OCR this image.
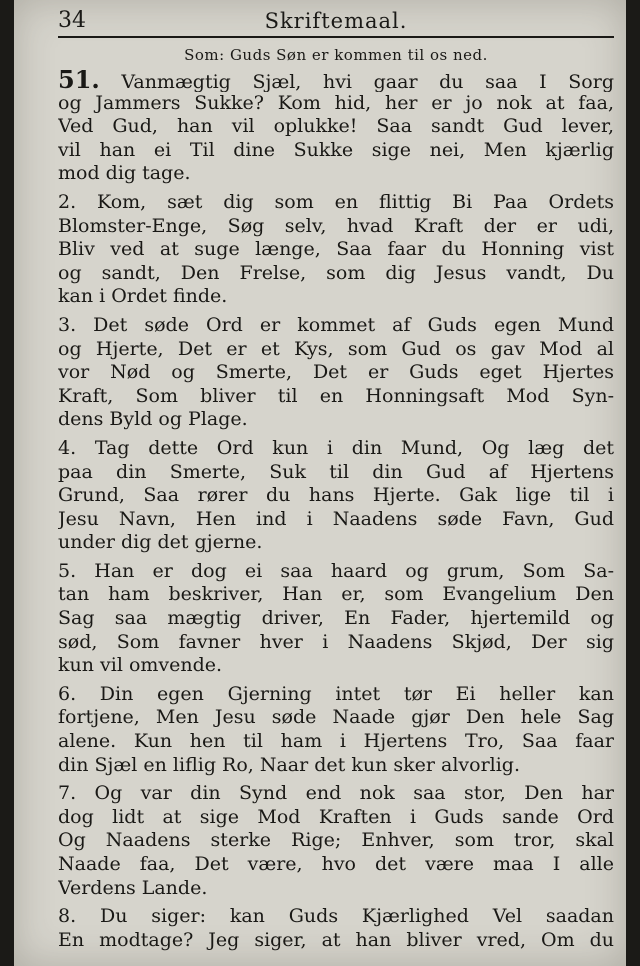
34	Skriftemaal.
Som: Guds Søn er kommen til os ned.
51. Vanmægtig Sjæl, hvi gaar du saa I Sorg
og Jammers Sukke? Kom hid, her er jo nok at faa,
Ved Gud, han vil oplukke! Saa sandt Gud lever,
vil han ei Til dine Sukke sige nei, Men kjærlig
mod dig tage.
2. Kom, sæt dig som en flittig Bi Paa Ordets
Blomster-Enge, Søg selv, hvad Kraft der er udi,
Bliv ved at suge længe, Saa faar du Honning vist
og sandt, Den Frelse, som dig Jesus vandt, Du
kan i Ordet finde.
3. Det søde Ord er kommet af Guds egen Mund
og Hjerte, Det er et Kys, som Gud os gav Mod al
vor Nød og Smerte, Det er Guds eget Hjertes
Kraft, Som bliver til en Honningsaft Mod Syn-
dens Byld og Plage.
4. Tag dette Ord kun i din Mund, Og læg det
paa din Smerte, Suk til din Gud af Hjertens
Grund, Saa rører du hans Hjerte. Gak lige til i
Jesu Navn, Hen ind i Naadens søde Favn, Gud
under dig det gjerne.
5. Han er dog ei saa haard og grum, Som Sa-
tan ham beskriver, Han er, som Evangelium Den
Sag saa mægtig driver, En Fader, hjertemild og
sød, Som favner hver i Naadens Skjød, Der sig
kun vil omvende.
6. Din egen Gjerning intet tør Ei heller kan
fortjene, Men Jesu søde Naade gjør Den hele Sag
alene. Kun hen til ham i Hjertens Tro, Saa faar
din Sjæl en liflig Ro, Naar det kun sker alvorlig.
7. Og var din Synd end nok saa stor, Den har
dog lidt at sige Mod Kraften i Guds sande Ord
Og Naadens sterke Rige; Enhver, som tror, skal
Naade faa, Det være, hvo det være maa I alle
Verdens Lande.
8. Du siger: kan Guds Kjærlighed Vel saadan
En modtage? Jeg siger, at han bliver vred, Om du
